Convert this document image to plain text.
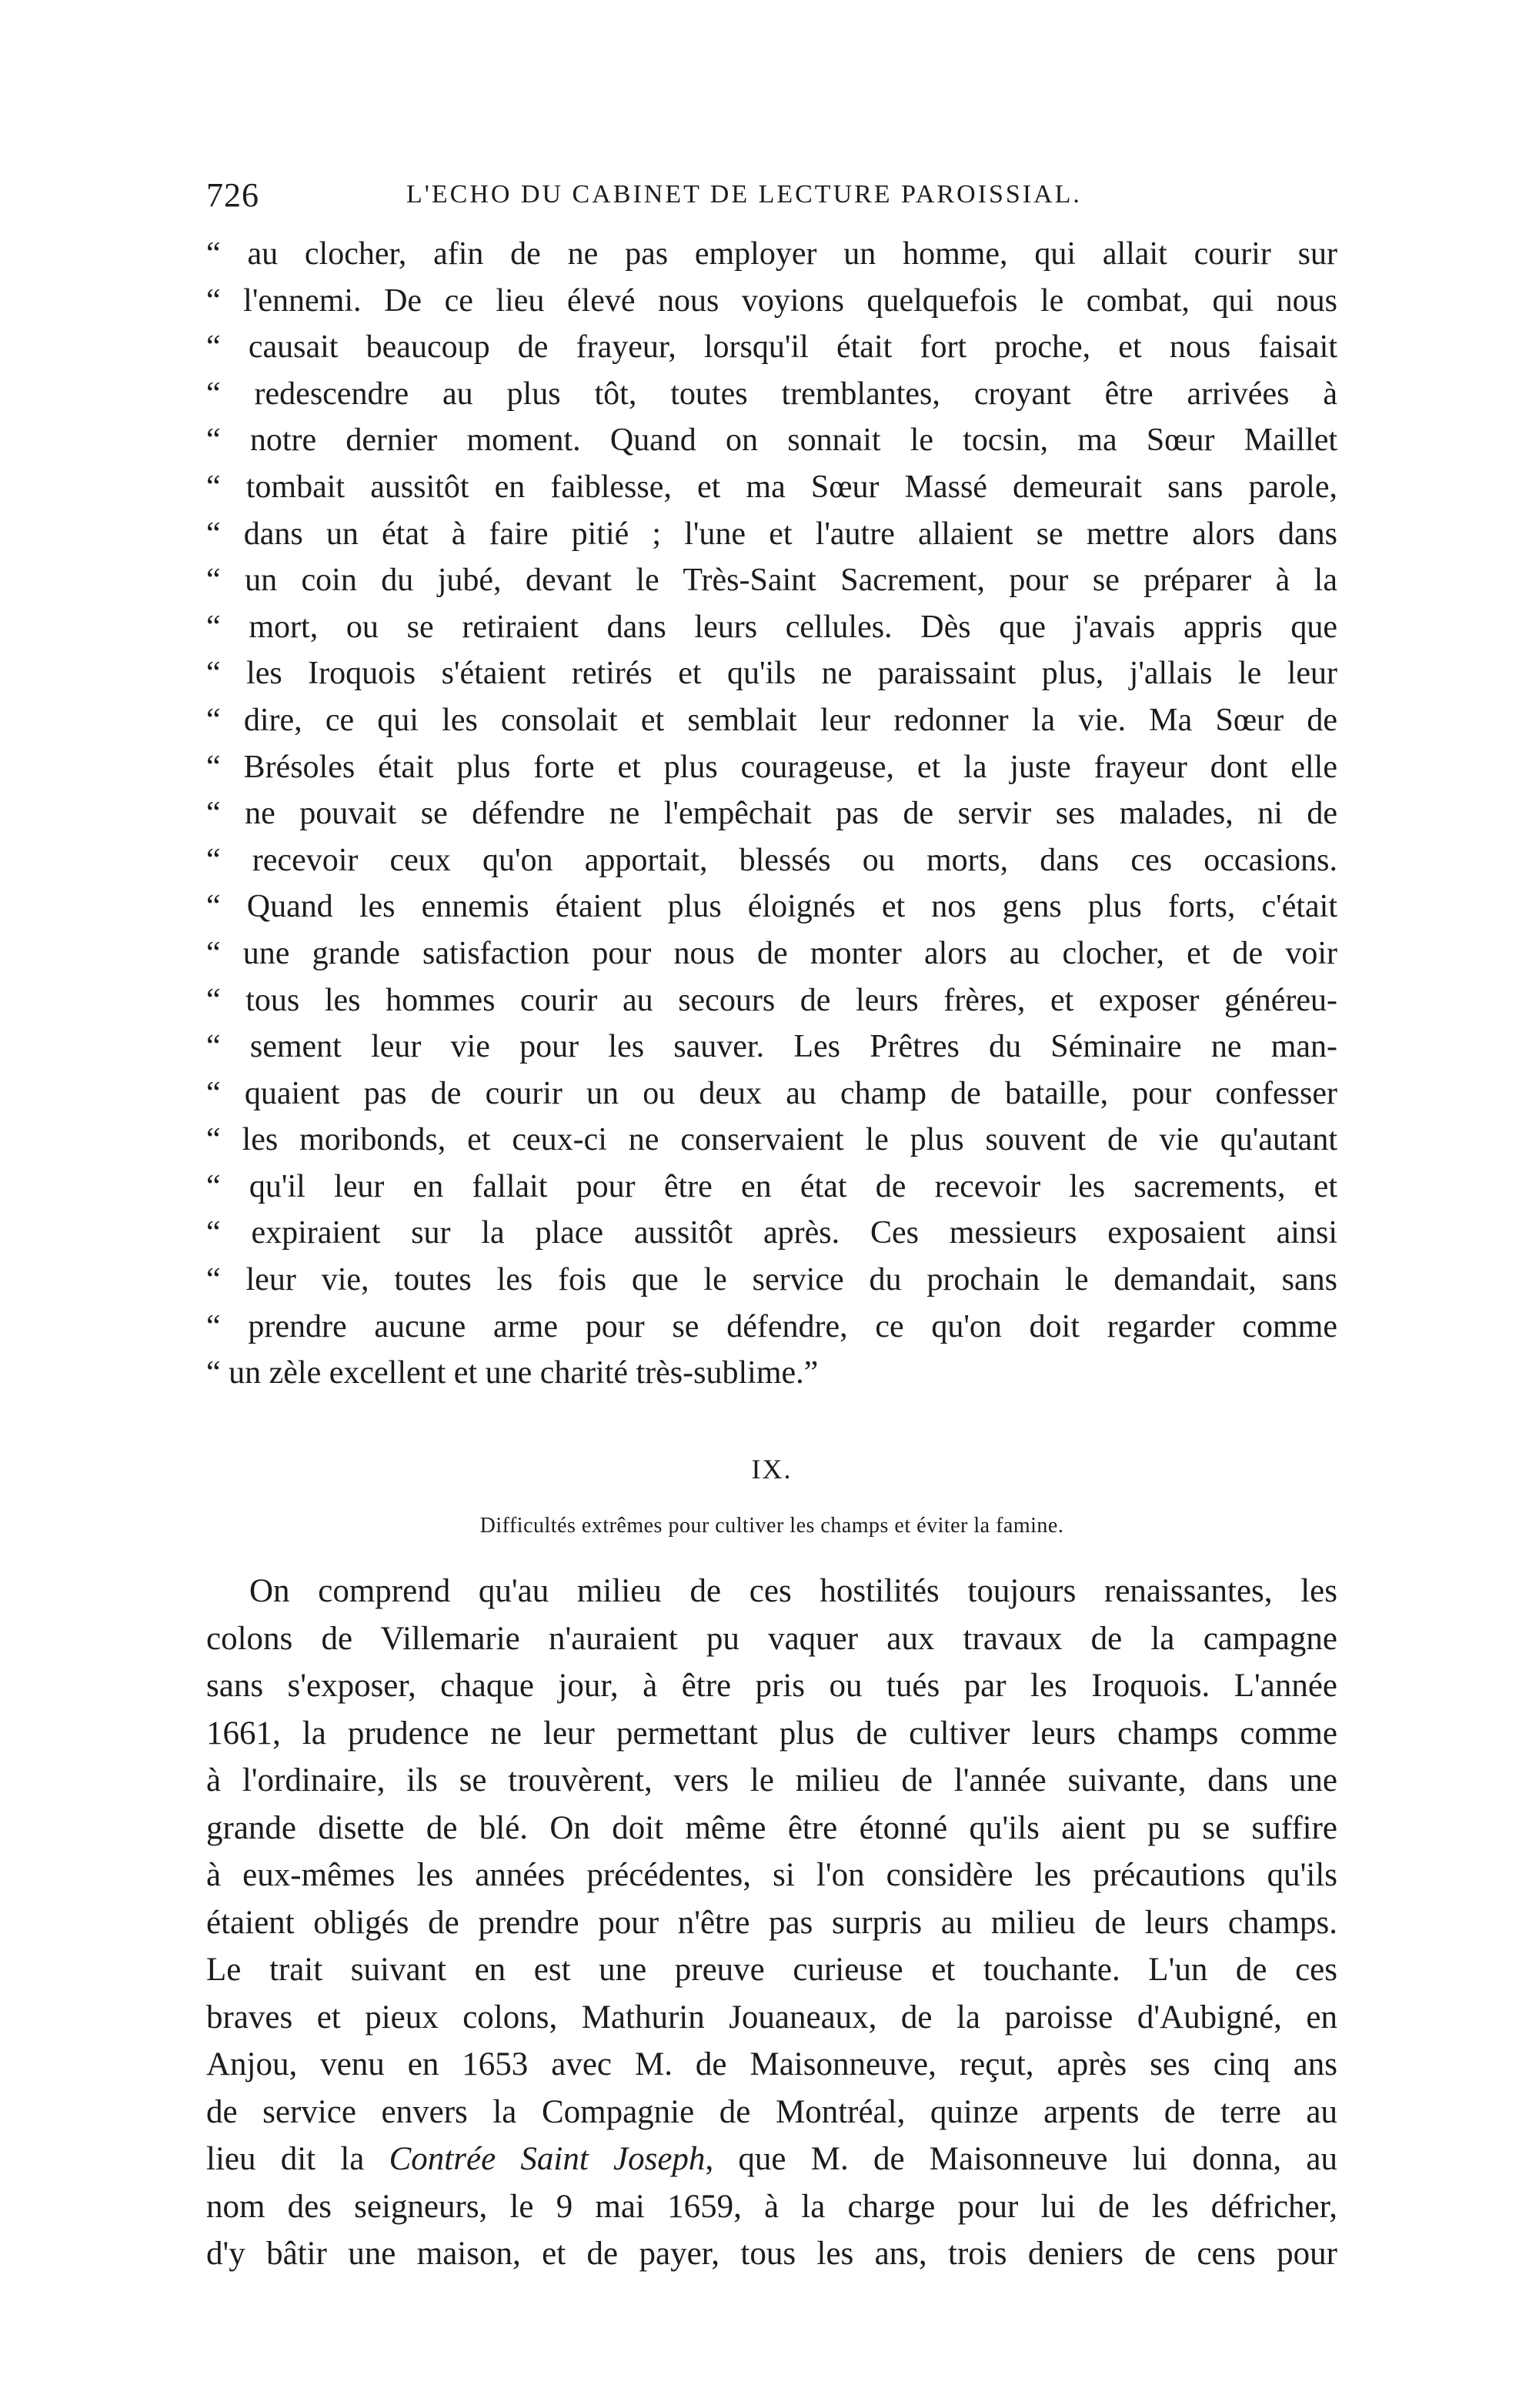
726	L'ECHO DU CABINET DE LECTURE PAROISSIAL.
“ au clocher, afin de ne pas employer un homme, qui allait courir sur
“ l'ennemi. De ce lieu élevé nous voyions quelquefois le combat, qui nous
“ causait beaucoup de frayeur, lorsqu'il était fort proche, et nous faisait
“ redescendre au plus tôt, toutes tremblantes, croyant être arrivées à
“ notre dernier moment. Quand on sonnait le tocsin, ma Sœur Maillet
“ tombait aussitôt en faiblesse, et ma Sœur Massé demeurait sans parole,
“ dans un état à faire pitié ; l'une et l'autre allaient se mettre alors dans
“ un coin du jubé, devant le Très-Saint Sacrement, pour se préparer à la
“ mort, ou se retiraient dans leurs cellules. Dès que j'avais appris que
“ les Iroquois s'étaient retirés et qu'ils ne paraissaint plus, j'allais le leur
“ dire, ce qui les consolait et semblait leur redonner la vie. Ma Sœur de
“ Brésoles était plus forte et plus courageuse, et la juste frayeur dont elle
“ ne pouvait se défendre ne l'empêchait pas de servir ses malades, ni de
“ recevoir ceux qu'on apportait, blessés ou morts, dans ces occasions.
“ Quand les ennemis étaient plus éloignés et nos gens plus forts, c'était
“ une grande satisfaction pour nous de monter alors au clocher, et de voir
“ tous les hommes courir au secours de leurs frères, et exposer généreu-
“ sement leur vie pour les sauver. Les Prêtres du Séminaire ne man-
“ quaient pas de courir un ou deux au champ de bataille, pour confesser
“ les moribonds, et ceux-ci ne conservaient le plus souvent de vie qu'autant
“ qu'il leur en fallait pour être en état de recevoir les sacrements, et
“ expiraient sur la place aussitôt après. Ces messieurs exposaient ainsi
“ leur vie, toutes les fois que le service du prochain le demandait, sans
“ prendre aucune arme pour se défendre, ce qu'on doit regarder comme
“ un zèle excellent et une charité très-sublime.”
IX.
Difficultés extrêmes pour cultiver les champs et éviter la famine.
On comprend qu'au milieu de ces hostilités toujours renaissantes, les
colons de Villemarie n'auraient pu vaquer aux travaux de la campagne
sans s'exposer, chaque jour, à être pris ou tués par les Iroquois. L'année
1661, la prudence ne leur permettant plus de cultiver leurs champs comme
à l'ordinaire, ils se trouvèrent, vers le milieu de l'année suivante, dans une
grande disette de blé. On doit même être étonné qu'ils aient pu se suffire
à eux-mêmes les années précédentes, si l'on considère les précautions qu'ils
étaient obligés de prendre pour n'être pas surpris au milieu de leurs champs.
Le trait suivant en est une preuve curieuse et touchante. L'un de ces
braves et pieux colons, Mathurin Jouaneaux, de la paroisse d'Aubigné, en
Anjou, venu en 1653 avec M. de Maisonneuve, reçut, après ses cinq ans
de service envers la Compagnie de Montréal, quinze arpents de terre au
lieu dit la Contrée Saint Joseph, que M. de Maisonneuve lui donna, au
nom des seigneurs, le 9 mai 1659, à la charge pour lui de les défricher,
d'y bâtir une maison, et de payer, tous les ans, trois deniers de cens pour
